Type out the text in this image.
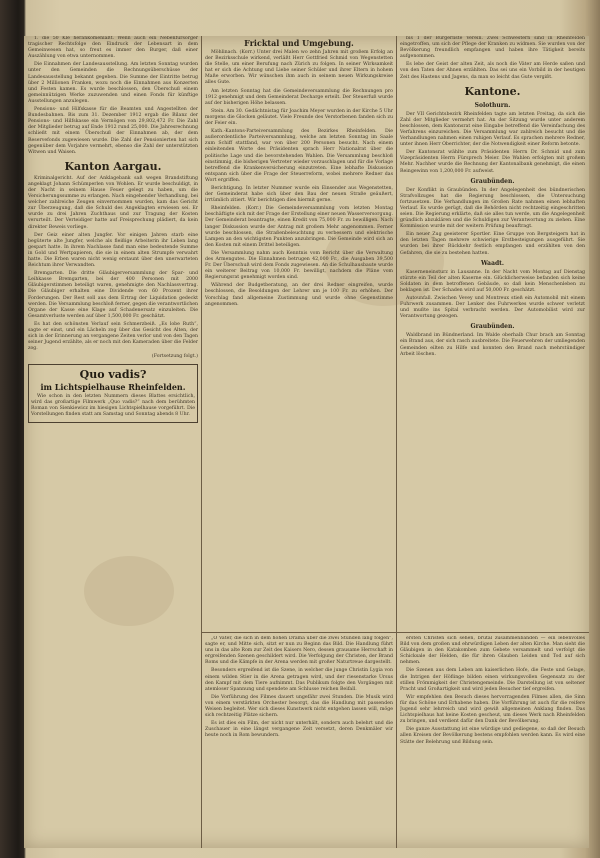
1. die 50 Kle herankomenlaßt. Wenn auch ein Nebenfürsorger tragischer Rechtsfolge den Eindruck der Lebensart in dem Gemeinwesen hat, so freut es immer den Burger, daß einer Auszählung von etwa unternommen.

Die Einnahmen der Landesausstellung. Am letzten Sonntag wurden unter den Gemeinden die Rechnungsüberschüsse der Landesausstellung bekannt gegeben. Die Summe der Eintritte betrug über 2 Millionen Franken, wozu noch die Einnahmen aus Konzerten und Festen kamen. Es wurde beschlossen, den Überschuß einem gemeinnützigen Werke zuzuwenden und einen Fonds für künftige Ausstellungen anzulegen.

Pensions- und Hilfskasse für die Beamten und Angestellten der Bundesbahnen. Bis zum 31. Dezember 1912 ergab die Bilanz der Pensions- und Hilfskasse ein Vermögen von 29,802,472 Fr. Die Zahl der Mitglieder betrug auf Ende 1912 rund 25,000. Die Jahresrechnung schließt mit einem Überschuß der Einnahmen ab, der dem Reservefonds zugewiesen wurde. Die Zahl der Pensionierten hat sich gegenüber dem Vorjahre vermehrt, ebenso die Zahl der unterstützten Witwen und Waisen.

Kanton Aargau.

Kriminalgericht. Auf der Anklagebank saß wegen Brandstiftung angeklagt Johann Schümperlen von Wohlen. Er wurde beschuldigt, in der Nacht in seinem Hause Feuer gelegt zu haben, um die Versicherungssumme zu erlangen. Nach eingehender Verhandlung, bei welcher zahlreiche Zeugen einvernommen wurden, kam das Gericht zur Überzeugung, daß die Schuld des Angeklagten erwiesen sei. Er wurde zu drei Jahren Zuchthaus und zur Tragung der Kosten verurteilt. Der Verteidiger hatte auf Freisprechung plädiert, da kein direkter Beweis vorliege.

Der Geiz einer alten Jungfer. Vor einigen Jahren starb eine begüterte alte Jungfer, welche als fleißige Arbeiterin ihr Leben lang gespart hatte. In ihrem Nachlasse fand man eine bedeutende Summe in Gold und Wertpapieren, die sie in einem alten Strumpfe verwahrt hatte. Die Erben waren nicht wenig erstaunt über den unerwarteten Reichtum ihrer Verwandten.

Bremgarten. Die dritte Gläubigerversammlung der Spar- und Leihkasse Bremgarten, bei der 400 Personen mit 2000 Gläubigerstimmen beteiligt waren, genehmigte den Nachlassvertrag. Die Gläubiger erhalten eine Dividende von 60 Prozent ihrer Forderungen. Der Rest soll aus dem Ertrag der Liquidation gedeckt werden. Die Versammlung beschloß ferner, gegen die verantwortlichen Organe der Kasse eine Klage auf Schadenersatz einzuleiten. Die Gesamtverluste werden auf über 1,500,000 Fr. geschätzt.

Es hat den schönsten Verlauf sein Schmerzbeiß. „Es lobe Ruth“, sagte er einst, und ein Lächeln zog über das Gesicht des Alten, der sich in der Erinnerung an vergangene Zeiten verlor und von den Tagen seiner Jugend erzählte, als er noch mit den Kameraden über die Felder zog.

(Fortsetzung folgt.)

Quo vadis?
im Lichtspielhause Rheinfelden.

Wie schon in den letzten Nummern dieses Blattes ersichtlich, wird das großartige Filmwerk „Quo vadis?“ nach dem berühmten Roman von Sienkiewicz im hiesigen Lichtspielhause vorgeführt. Die Vorstellungen finden statt am Samstag und Sonntag abends 8 Uhr.

Fricktal und Umgebung.

Möhlinach. (Korr.) Unter drei Malen wo zehn Jahren mit großem Erfolg an der Bezirksschule wirkend, verläßt Herr Gottfried Schmid von Wegenstetten die Stelle, um einer Berufung nach Zürich zu folgen. In seiner Wirksamkeit hat er sich die Achtung und Liebe seiner Schüler und ihrer Eltern in hohem Maße erworben. Wir wünschen ihm auch in seinem neuen Wirkungskreise alles Gute.

Am letzten Sonntag hat die Gemeindeversammlung die Rechnungen pro 1912 genehmigt und dem Gemeinderat Decharge erteilt. Der Steuerfuß wurde auf der bisherigen Höhe belassen.

Stein. Am 30. Gedächtnistag für Joachim Meyer wurden in der Kirche 5 Uhr morgens die Glocken geläutet. Viele Freunde des Verstorbenen fanden sich zu der Feier ein.

Kath.-Kantons-Parteiversammlung des Bezirkes Rheinfelden. Die außerordentliche Parteiversammlung, welche am letzten Sonntag im Saale zum Schiff stattfand, war von über 200 Personen besucht. Nach einem einleitenden Worte des Präsidenten sprach Herr Nationalrat über die politische Lage und die bevorstehenden Wahlen. Die Versammlung beschloß einstimmig, die bisherigen Vertreter wieder vorzuschlagen und für die Vorlage betreffend die Krankenversicherung einzutreten. Eine lebhafte Diskussion entspann sich über die Frage der Steuerreform, wobei mehrere Redner das Wort ergriffen.

Berichtigung. In letzter Nummer wurde ein Einsender aus Wegenstetten, der Gemeinderat habe sich über den Bau der neuen Straße geäußert, irrtümlich zitiert. Wir berichtigen dies hiermit gerne.

Rheinfelden. (Korr.) Die Gemeindeversammlung vom letzten Montag beschäftigte sich mit der Frage der Erstellung einer neuen Wasserversorgung. Der Gemeinderat beantragte, einen Kredit von 75,000 Fr. zu bewilligen. Nach langer Diskussion wurde der Antrag mit großem Mehr angenommen. Ferner wurde beschlossen, die Straßenbeleuchtung zu verbessern und elektrische Lampen an den wichtigsten Punkten anzubringen. Die Gemeinde wird sich an den Kosten mit einem Drittel beteiligen.

Die Versammlung nahm auch Kenntnis vom Bericht über die Verwaltung des Armengutes. Die Einnahmen betrugen 42,000 Fr., die Ausgaben 39,500 Fr. Der Überschuß wird dem Fonds zugewiesen. An die Schulhausbaute wurde ein weiterer Beitrag von 10,000 Fr. bewilligt, nachdem die Pläne vom Regierungsrat genehmigt worden sind.

Während der Budgetberatung, an der drei Redner eingreifen, wurde beschlossen, die Besoldungen der Lehrer um je 100 Fr. zu erhöhen. Der Vorschlag fand allgemeine Zustimmung und wurde ohne Gegenstimme angenommen.

bis 1 der Bürgerliste Verein. Zwei Schwestern sind in Rheinfelden eingetroffen, um sich der Pflege der Kranken zu widmen. Sie wurden von der Bevölkerung freundlich empfangen und haben ihre Tätigkeit bereits aufgenommen.

Es lebe der Geist der alten Zeit, als noch die Väter am Herde saßen und von den Taten der Ahnen erzählten. Das sei uns ein Vorbild in der heutigen Zeit des Hastens und Jagens, da man so leicht das Gute vergißt.

Kantone.
Solothurn.

Der VII Gerichtsbezirk Rheinfelden tagte am letzten Freitag, da sich die Zahl der Mitglieder vermehrt hat. An der Sitzung wurde unter anderem beschlossen, dem Kantonsrat eine Eingabe betreffend die Vereinfachung des Verfahrens einzureichen. Die Versammlung war zahlreich besucht und die Verhandlungen nahmen einen ruhigen Verlauf. Es sprachen mehrere Redner, unter ihnen Herr Oberrichter, der die Notwendigkeit einer Reform betonte.

Der Kantonsrat wählte zum Präsidenten Herrn Dr. Schmid und zum Vizepräsidenten Herrn Fürsprech Meier. Die Wahlen erfolgten mit großem Mehr. Nachher wurde die Rechnung der Kantonalbank genehmigt, die einen Reingewinn von 1,200,000 Fr. aufweist.

Graubünden.

Der Konflikt in Graubünden. In der Angelegenheit des bündnerischen Strafvollzuges hat die Regierung beschlossen, die Untersuchung fortzusetzen. Die Verhandlungen im Großen Rate nahmen einen lebhaften Verlauf. Es wurde gerügt, daß die Behörden nicht rechtzeitig eingeschritten seien. Die Regierung erklärte, daß sie alles tun werde, um die Angelegenheit gründlich abzuklären und die Schuldigen zur Verantwortung zu ziehen. Eine Kommission wurde mit der weitern Prüfung beauftragt.

Ein neuer Zug geeisterer Sportler. Eine Gruppe von Bergsteigern hat in den letzten Tagen mehrere schwierige Erstbesteigungen ausgeführt. Sie wurden bei ihrer Rückkehr festlich empfangen und erzählten von den Gefahren, die sie zu bestehen hatten.

Waadt.

Kaserneneinsturz in Lausanne. In der Nacht vom Montag auf Dienstag stürzte ein Teil der alten Kaserne ein. Glücklicherweise befanden sich keine Soldaten in dem betroffenen Gebäude, so daß kein Menschenleben zu beklagen ist. Der Schaden wird auf 50,000 Fr. geschätzt.

Autounfall. Zwischen Vevey und Montreux stieß ein Automobil mit einem Fuhrwerk zusammen. Der Lenker des Fuhrwerkes wurde schwer verletzt und mußte ins Spital verbracht werden. Der Automobilist wird zur Verantwortung gezogen.

Graubünden.

Waldbrand im Bündnerland. Im Walde oberhalb Chur brach am Sonntag ein Brand aus, der sich rasch ausbreitete. Die Feuerwehren der umliegenden Gemeinden eilten zu Hilfe und konnten den Brand nach mehrstündiger Arbeit löschen.

„O Vater, die sich in dem hohen Drama über die zwei Stunden lang folgen“, sagte er, und Mitte sich, sitzt er nun zu Beginn das Bild. Die Handlung führt uns in das alte Rom zur Zeit des Kaisers Nero, dessen grausame Herrschaft in ergreifenden Szenen geschildert wird. Die Verfolgung der Christen, der Brand Roms und die Kämpfe in der Arena werden mit großer Naturtreue dargestellt.

Besonders ergreifend ist die Szene, in welcher die junge Christin Lygia von einem wilden Stier in die Arena getragen wird, und der riesenstarke Ursus den Kampf mit dem Tiere aufnimmt. Das Publikum folgte den Vorgängen mit atemloser Spannung und spendete am Schlusse reichen Beifall.

Die Vorführung des Filmes dauert ungefähr zwei Stunden. Die Musik wird von einem verstärkten Orchester besorgt, das die Handlung mit passenden Weisen begleitet. Wer sich dieses Kunstwerk nicht entgehen lassen will, möge sich rechtzeitig Plätze sichern.

Es ist dies ein Film, der nicht nur unterhält, sondern auch belehrt und die Zuschauer in eine längst vergangene Zeit versetzt, deren Denkmäler wir heute noch in Rom bewundern.

ersten Christen sich sehen, brutal zusammenbanden — ein lebenvolles Bild von dem großen und ehrwürdigen Leben der alten Kirche. Man sieht die Gläubigen in den Katakomben zum Gebete versammelt und verfolgt die Schicksale der Helden, die für ihren Glauben Leiden und Tod auf sich nehmen.

Die Szenen aus dem Leben am kaiserlichen Hofe, die Feste und Gelage, die Intrigen der Höflinge bilden einen wirkungsvollen Gegensatz zu der stillen Frömmigkeit der Christengemeinde. Die Darstellung ist von seltener Pracht und Großartigkeit und wird jeden Besucher tief ergreifen.

Wir empfehlen den Besuch dieses hervorragenden Filmes allen, die Sinn für das Schöne und Erhabene haben. Die Vorführung ist auch für die reifere Jugend sehr lehrreich und wird gewiß allgemeinen Anklang finden. Das Lichtspielhaus hat keine Kosten gescheut, um dieses Werk nach Rheinfelden zu bringen, und verdient dafür den Dank der Bevölkerung.

Die ganze Ausstattung ist eine würdige und gediegene, so daß der Besuch allen Kreisen der Bevölkerung bestens empfohlen werden kann. Es wird eine Stätte der Belehrung und Bildung sein.
